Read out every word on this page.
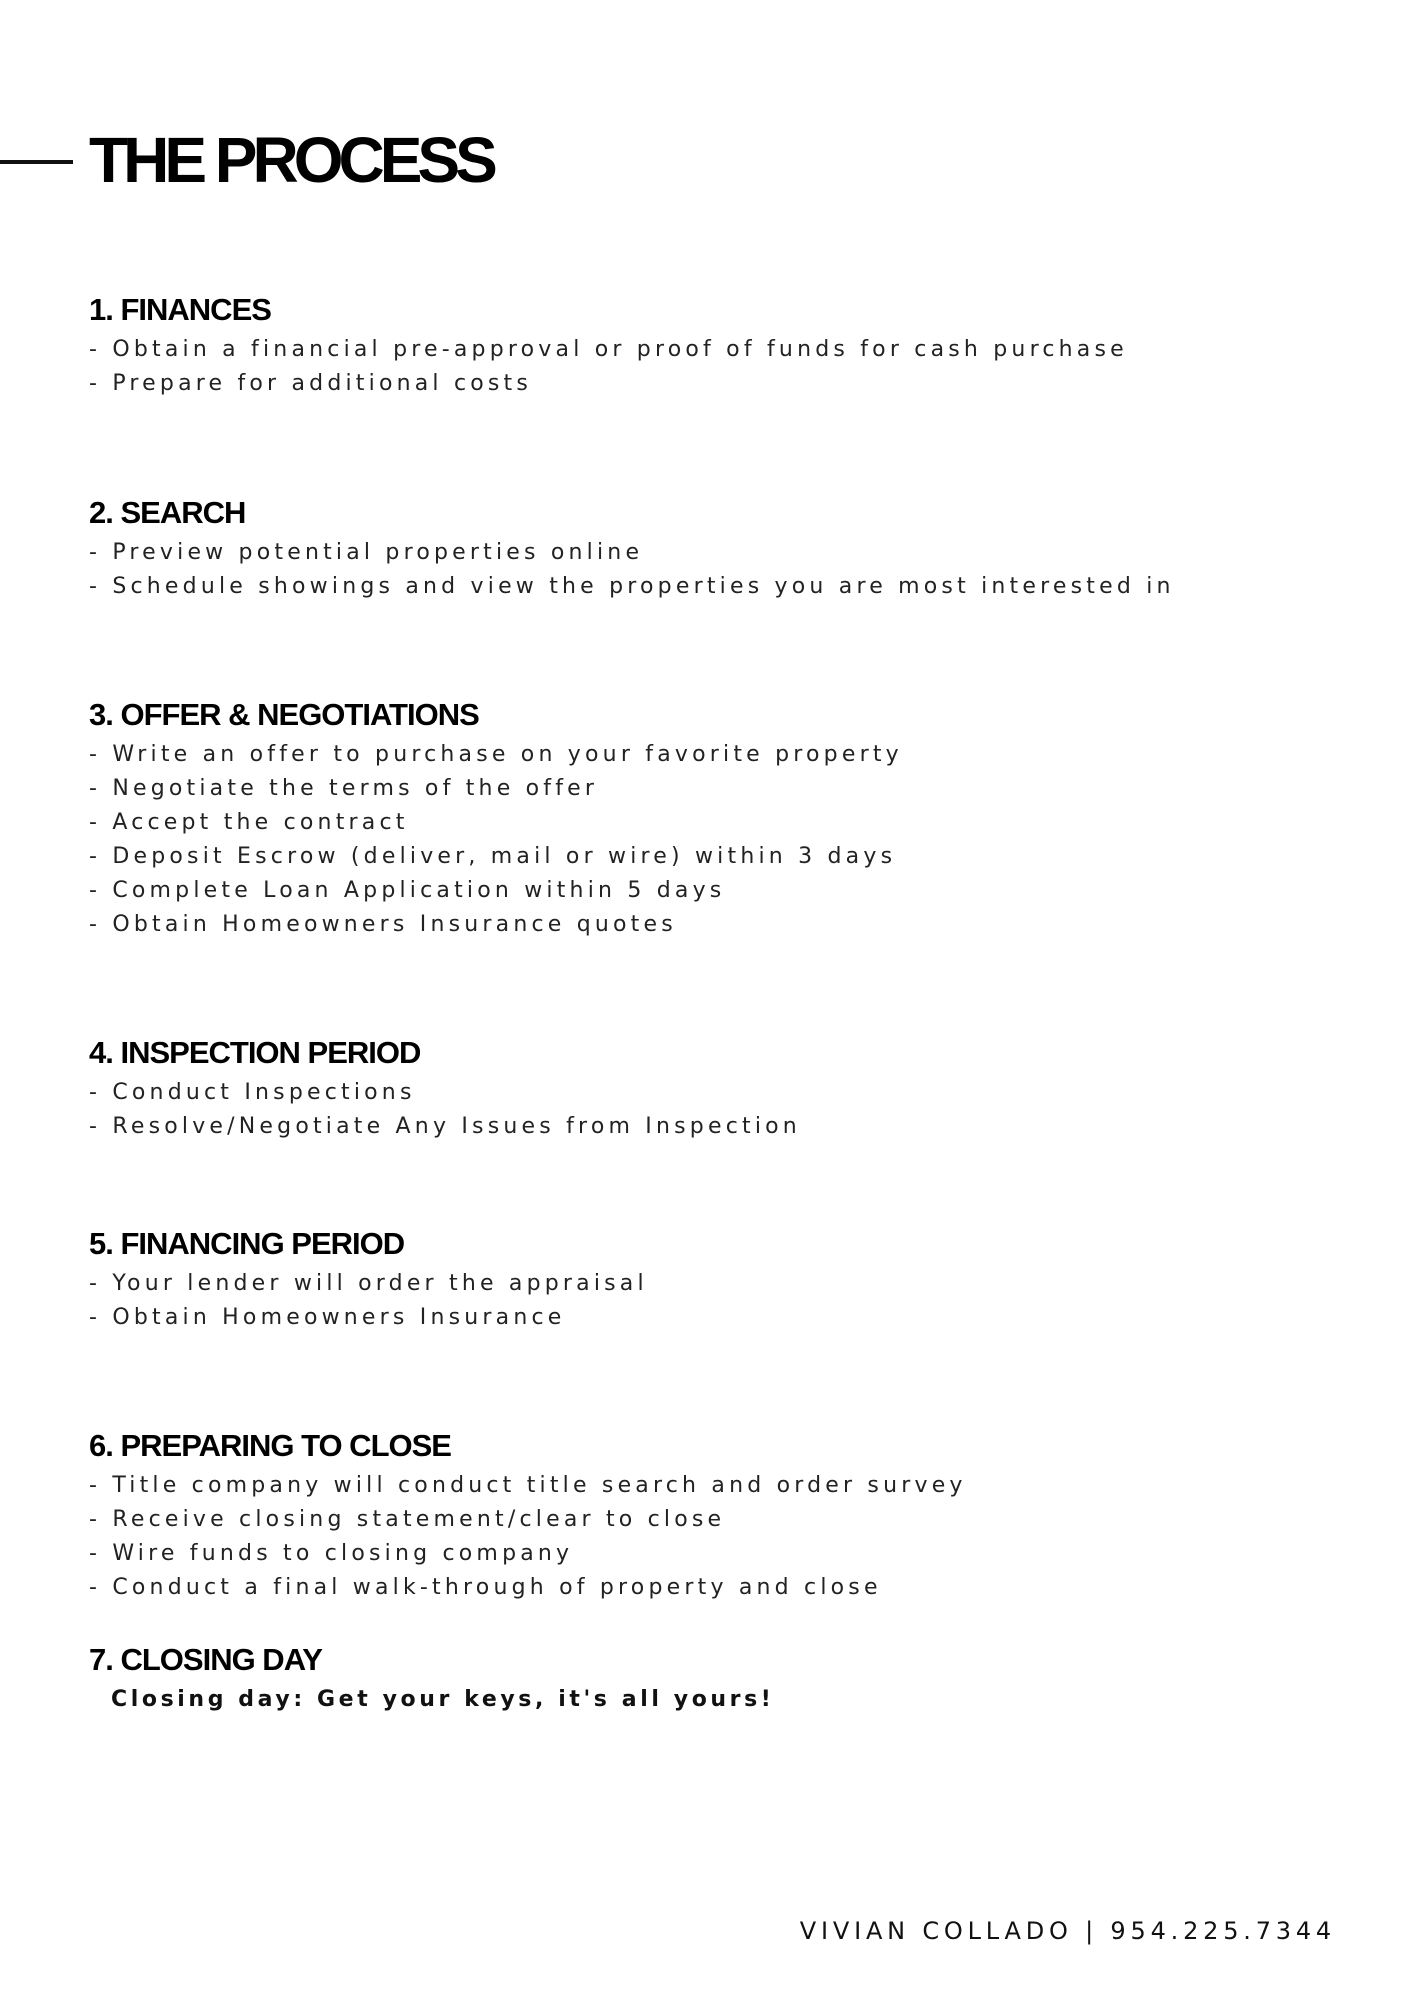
THE PROCESS
1. FINANCES
- Obtain a financial pre-approval or proof of funds for cash purchase
- Prepare for additional costs
2. SEARCH
- Preview potential properties online
- Schedule showings and view the properties you are most interested in
3. OFFER & NEGOTIATIONS
- Write an offer to purchase on your favorite property
- Negotiate the terms of the offer
- Accept the contract
- Deposit Escrow (deliver, mail or wire) within 3 days
- Complete Loan Application within 5 days
- Obtain Homeowners Insurance quotes
4. INSPECTION PERIOD
- Conduct Inspections
- Resolve/Negotiate Any Issues from Inspection
5. FINANCING PERIOD
- Your lender will order the appraisal
- Obtain Homeowners Insurance
6. PREPARING TO CLOSE
- Title company will conduct title search and order survey
- Receive closing statement/clear to close
- Wire funds to closing company
- Conduct a final walk-through of property and close
7. CLOSING DAY

Closing day: Get your keys, it's all yours!

VIVIAN COLLADO | 954.225.7344
